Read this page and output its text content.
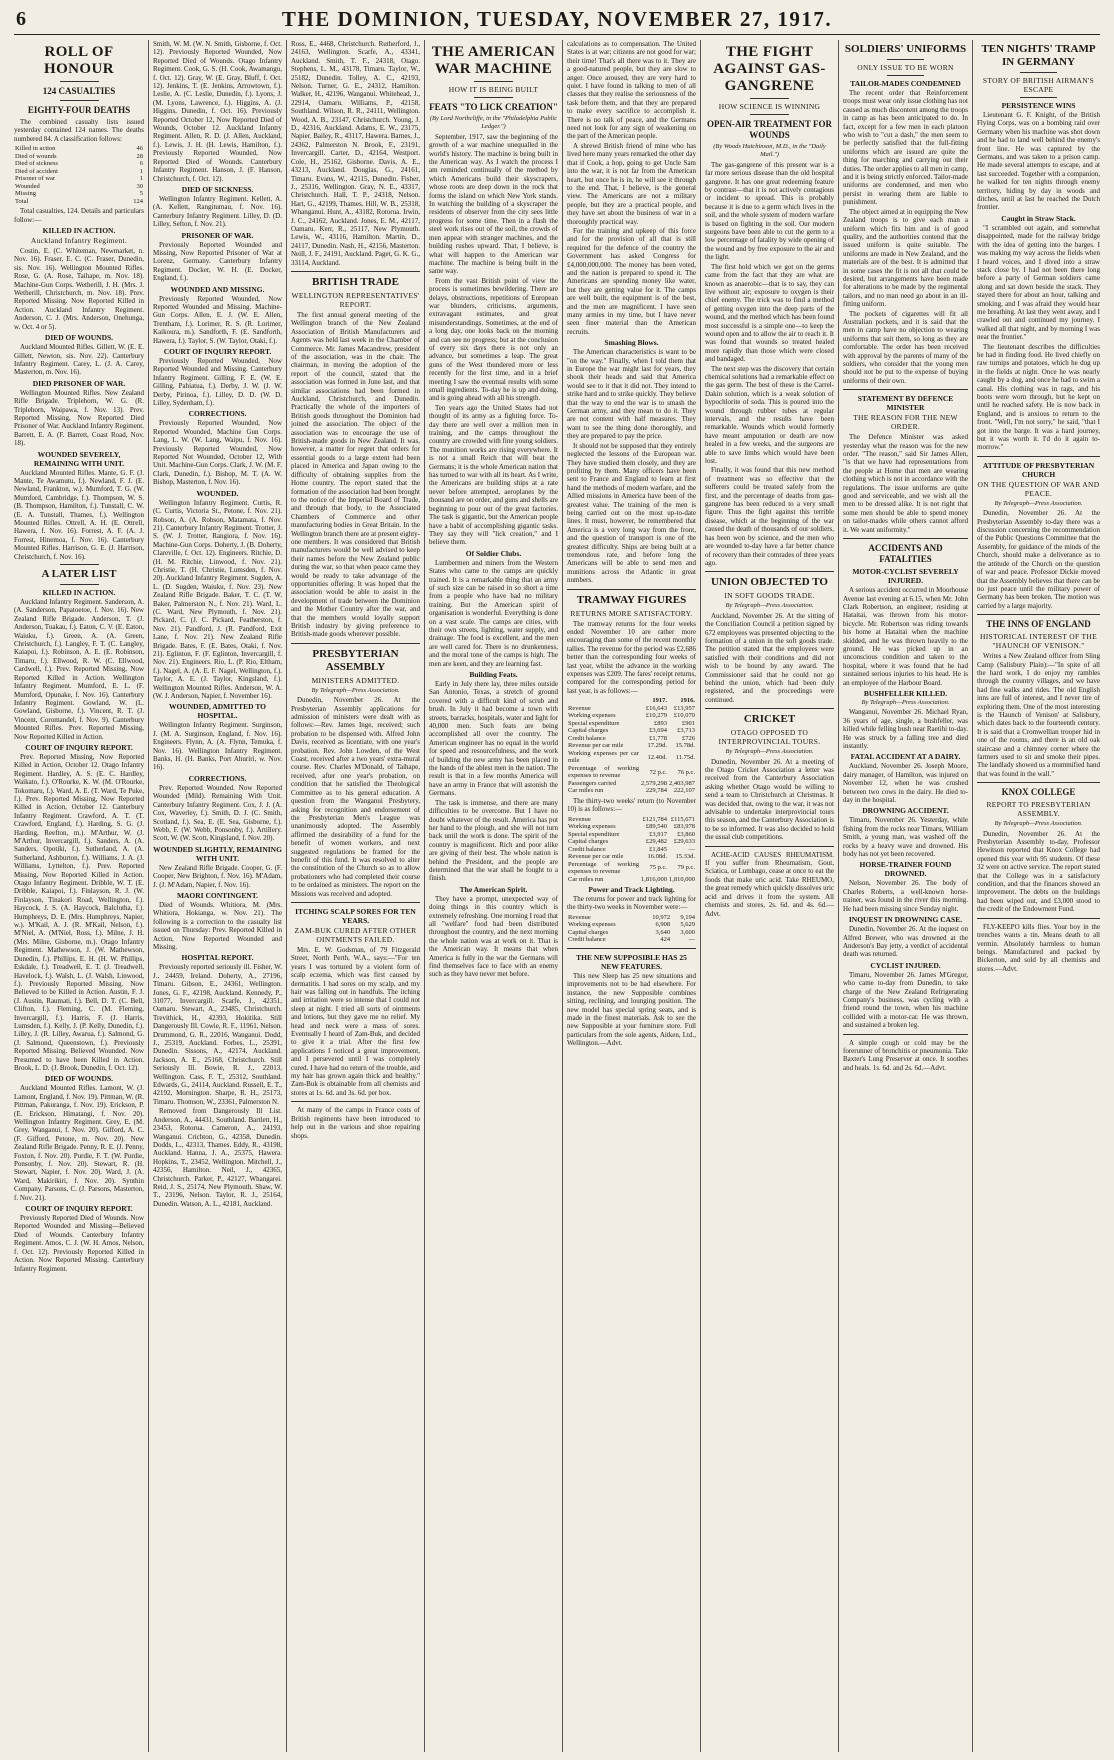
6	THE DOMINION, TUESDAY, NOVEMBER 27, 1917.
ROLL OF HONOUR
124 CASUALTIES
EIGHTY-FOUR DEATHS

The combined casualty lists issued yesterday contained 124 names. The deaths numbered 84. A classification follows:

Killed in action	46
Died of wounds	28
Died of sickness	6
Died of accident	1
Prisoner of war	1
Wounded	30
Missing	5
Total	124

Total casualties, 124. Details and particulars follow:—

KILLED IN ACTION.
Auckland Infantry Regiment.

Costin, E. (C. Whiteman, Newmarket, n. Nov. 16). Fraser, E. C. (C. Fraser, Dunedin, sis. Nov. 16). Wellington Mounted Rifles. Rose, G. (A. Rose, Taihape, m. Nov. 18). Machine-Gun Corps. Wetherill, J. H. (Mrs. J. Wetherill, Christchurch, m. Nov. 18). Prev. Reported Missing. Now Reported Killed in Action. Auckland Infantry Regiment. Anderson, C. J. (Mrs. Anderson, Onehunga, w. Oct. 4 or 5).

DIED OF WOUNDS.

Auckland Mounted Rifles. Gillett, W. (E. E. Gillett, Newton, sis. Nov. 22). Canterbury Infantry Regiment. Carey, L. (J. A. Carey, Masterton, m. Nov. 16).

DIED PRISONER OF WAR.

Wellington Mounted Rifles. New Zealand Rifle Brigade. Triplehorn, W. G. (R. Triplehorn, Waipawa, f. Nov. 13). Prev. Reported Missing, Now Reported Died Prisoner of War. Auckland Infantry Regiment. Barrett, E. A. (F. Barrett, Coast Road, Nov. 18).

WOUNDED SEVERELY, REMAINING WITH UNIT.

Auckland Mounted Rifles. Mante, G. F. (J. Mante, Te Awamutu, f.). Newland, F. J. (E. Newland, Frankton, w.). Mumford, T. G. (W. Mumford, Cambridge, f.). Thompson, W. S. (B. Thompson, Hamilton, f.). Tunstall, C. W. (E. A. Tunstall, Thames, f.). Wellington Mounted Rifles. Ottrell, A. H. (E. Ottrell, Hawera, f. Nov. 16). Forrest, A. F. (A. J. Forrest, Hinemoa, f. Nov. 16). Canterbury Mounted Rifles. Harrison, G. E. (J. Harrison, Christchurch, f. Nov. 16).

A LATER LIST
KILLED IN ACTION.

Auckland Infantry Regiment. Sanderson, A. (A. Sanderson, Papatoetoe, f. Nov. 16). New Zealand Rifle Brigade. Anderson, T. (J. Anderson, Tuakau, f.). Eaton, C. V. (E. Eaton, Waiuku, f.). Green, A. (A. Green, Christchurch, f.). Langley, F. T. (C. Langley, Kaiapoi, f.). Robinson, A. E. (E. Robinson, Timaru, f.). Ellwood, R. W. (C. Ellwood, Cardwell, f.). Prev. Reported Missing, Now Reported Killed in Action. Wellington Infantry Regiment. Mumford, E. L. (F. Mumford, Opunake, f. Nov. 16). Canterbury Infantry Regiment. Gowland, W. (L. Gowland, Gisborne, f.). Vincent, R. T. (J. Vincent, Coromandel, f. Nov. 9). Canterbury Mounted Rifles. Prev. Reported Missing, Now Reported Killed in Action.

COURT OF INQUIRY REPORT.

Prev. Reported Missing, Now Reported Killed in Action, October 12. Otago Infantry Regiment. Hardley, A. S. (E. C. Hardley, Waikato, f.). O'Rourke, K. W. (M. O'Rourke, Tokomaru, f.). Ward, A. E. (T. Ward, Te Puke, f.). Prev. Reported Missing, Now Reported Killed in Action, October 12. Canterbury Infantry Regiment. Crawford, A. T. (T. Crawford, England, f.). Harding, S. G. (J. Harding, Reefton, m.). M'Arthur, W. (J. M'Arthur, Invercargill, f.). Sanders, A. (A. Sanders, Opotiki, f.). Sutherland, A. (A. Sutherland, Ashburton, f.). Williams, J. A. (J. Williams, Lyttelton, f.). Prev. Reported Missing, Now Reported Killed in Action. Otago Infantry Regiment. Dribble, W. T. (E. Dribble, Kaiapoi, f.). Finlayson, R. J. (W. Finlayson, Tinakori Road, Wellington, f.). Haycock, J. S. (A. Haycock, Balclutha, f.). Humphreys, D. E. (Mrs. Humphreys, Napier, w.). M'Kail, A. J. (R. M'Kail, Nelson, f.). M'Niel, A. (M'Niel, Ross, f.). Milne, J. H. (Mrs. Milne, Gisborne, m.). Otago Infantry Regiment. Mathewson, J. (W. Mathewson, Dunedin, f.). Phillips, E. H. (H. W. Phillips, Eskdale, f.). Treadwell, E. T. (J. Treadwell, Havelock, f.). Walsh, L. (J. Walsh, Linwood, f.). Previously Reported Missing. Now Believed to be Killed in Action. Austin, F. J. (J. Austin, Raumati, f.). Bell, D. T. (C. Bell, Clifton, f.). Fleming, C. (M. Fleming, Invercargill, f.). Harris, F. (J. Harris, Lumsden, f.). Kelly, J. (P. Kelly, Dunedin, f.). Lilley, J. (R. Lilley, Awarua, f.). Salmond, G. (J. Salmond, Queenstown, f.). Previously Reported Missing. Believed Wounded. Now Presumed to have been Killed in Action. Brook, L. D. (J. Brook, Dunedin, f. Oct. 12).

DIED OF WOUNDS.

Auckland Mounted Rifles. Lamont, W. (J. Lamont, England, f. Nov. 19). Pittman, W. (R. Pittman, Pakuranga, f. Nov. 19). Erickson, P. (E. Erickson, Himatangi, f. Nov. 20). Wellington Infantry Regiment. Grey, E. (M. Grey, Wanganui, f. Nov. 20). Gifford, A. C. (F. Gifford, Petone, m. Nov. 20). New Zealand Rifle Brigade. Penny, R. E. (J. Penny, Foxton, f. Nov. 20). Purdie, F. T. (W. Purdie, Ponsonby, f. Nov. 20). Stewart, R. (H. Stewart, Napier, f. Nov. 20). Ward, J. (A. Ward, Makirikiri, f. Nov. 20). Synthin Company. Parsons, C. (J. Parsons, Masterton, f. Nov. 21).

COURT OF INQUIRY REPORT.

Previously Reported Died of Wounds. Now Reported Wounded and Missing—Believed Died of Wounds. Canterbury Infantry Regiment. Amos, C. J. (W. H. Amos, Nelson, f. Oct. 12). Previously Reported Killed in Action. Now Reported Missing. Canterbury Infantry Regiment.

Smith, W. M. (W. N. Smith, Gisborne, f. Oct. 12). Previously Reported Wounded, Now Reported Died of Wounds. Otago Infantry Regiment. Cook, G. S. (H. Cook, Awamangu, f. Oct. 12). Gray, W. (E. Gray, Bluff, f. Oct. 12). Jenkins, T. (E. Jenkins, Arrowtown, f.). Leslie, A. (C. Leslie, Dunedin, f.). Lyons, J. (M. Lyons, Lawrence, f.). Higgins, A. (J. Higgins, Dunedin, f. Oct. 16). Previously Reported October 12, Now Reported Died of Wounds, October 12. Auckland Infantry Regiment. Allen, R. D. (J. Allen, Auckland, f.). Lewis, J. H. (H. Lewis, Hamilton, f.). Previously Reported Wounded, Now Reported Died of Wounds. Canterbury Infantry Regiment. Hanson, J. (F. Hanson, Christchurch, f. Oct. 12).

DIED OF SICKNESS.

Wellington Infantry Regiment. Kellett, A. (A. Kellett, Rangitumau, f. Nov. 16). Canterbury Infantry Regiment. Lilley, D. (D. Lilley, Sefton, f. Nov. 21).

PRISONER OF WAR.

Previously Reported Wounded and Missing, Now Reported Prisoner of War at Lorenz, Germany. Canterbury Infantry Regiment. Docker, W. H. (E. Docker, England, f.).

WOUNDED AND MISSING.

Previously Reported Wounded, Now Reported Wounded and Missing. Machine-Gun Corps. Allen, E. J. (W. E. Allen, Trentham, f.). Lorimer, R. S. (R. Lorimer, Kaikoura, m.). Sandforth, F. (E. Sandforth, Hawera, f.). Taylor, S. (W. Taylor, Otaki, f.).

COURT OF INQUIRY REPORT.

Previously Reported Wounded, Now Reported Wounded and Missing. Canterbury Infantry Regiment. Gilling, F. E. (W. E. Gilling, Pahiatua, f.). Derby, J. W. (J. W. Derby, Pirinoa, f.). Lilley, D. D. (W. D. Lilley, Sydenham, f.).

CORRECTIONS.

Previously Reported Wounded, Now Reported Wounded, Machine Gun Corps. Lang, L. W. (W. Lang, Waipu, f. Nov. 16). Previously Reported Wounded, Now Reported Not Wounded, October 12, With Unit. Machine-Gun Corps. Clark, J. W. (M. F. Clark, Dunedin, f.). Bishop, M. T. (A. W. Bishop, Masterton, f. Nov. 16).

WOUNDED.

Wellington Infantry Regiment. Curtis, R. (C. Curtis, Victoria St., Petone, f. Nov. 21). Robson, A. (A. Robson, Matamata, f. Nov. 21). Canterbury Infantry Regiment. Trotter, J. S. (W. J. Trotter, Rangiora, f. Nov. 16). Machine-Gun Corps. Doherty, J. (B. Doherty, Clareville, f. Oct. 12). Engineers. Ritchie, D. (H. M. Ritchie, Linwood, f. Nov. 21). Christie, T. (H. Christie, Lumsden, f. Nov. 20). Auckland Infantry Regiment. Sugden, A. L. (D. Sugden, Waiuku, f. Nov. 23). New Zealand Rifle Brigade. Baker, T. C. (T. W. Baker, Palmerston N., f. Nov. 21). Ward, L. (C. Ward, New Plymouth, f. Nov. 21). Pickard, C. (J. C. Pickard, Featherston, f. Nov. 21). Pandford, J. (R. Pandford, Exit Lane, f. Nov. 21). New Zealand Rifle Brigade. Bates, F. (E. Bates, Otaki, f. Nov. 21). Eglinton, F. (F. Eglinton, Invercargill, f. Nov. 21). Engineers. Rio, L. (P. Rio, Eltham, f.). Nagel, A. (A. E. F. Nagel, Wellington, f.). Taylor, A. E. (J. Taylor, Kingsland, f.). Wellington Mounted Rifles. Anderson, W. A. (W. J. Anderson, Napier, f. November 16).

WOUNDED, ADMITTED TO HOSPITAL.

Wellington Infantry Regiment. Surginson, J. (M. A. Surginson, England, f. Nov. 16). Engineers. Flynn, A. (A. Flynn, Temuka, f. Nov. 16). Wellington Infantry Regiment. Banks, H. (H. Banks, Port Ahuriri, w. Nov. 16).

CORRECTIONS.

Prev. Reported Wounded. Now Reported Wounded (Mild). Remaining With Unit. Canterbury Infantry Regiment. Cox, J. J. (A. Cox, Waverley, f.). Smith, D. J. (C. Smith, Scotland, f.). Sea, E. (E. Sea, Gisborne, f.). Webb, F. (W. Webb, Ponsonby, f.). Artillery. Scott, W. (W. Scott, Kingsland, f. Nov. 20).

WOUNDED SLIGHTLY, REMAINING WITH UNIT.

New Zealand Rifle Brigade. Cooper, G. (F. Cooper, New Brighton, f. Nov. 16). M'Adam, J. (J. M'Adam, Napier, f. Nov. 16).

MAORI CONTINGENT.

Died of Wounds. Whitiora, M. (Mrs. Whitiora, Hokianga, w. Nov. 21). The following is a correction to the casualty list issued on Thursday: Prev. Reported Killed in Action, Now Reported Wounded and Missing.

HOSPITAL REPORT.

Previously reported seriously ill. Fisher, W. J., 24459, Ireland. Doherty, A., 27196, Timaru. Gibson, E., 24361, Wellington. Jones, G. F., 42198, Auckland. Kennedy, P., 31077, Invercargill. Scarfe, J., 42351, Oamaru. Stewart, A., 23485, Christchurch. Trevithick, H., 42393, Hokitika. Still Dangerously Ill. Cowie, R. F., 11961, Nelson. Drummond, G. R., 22016, Wanganui. Dodd, J., 25319, Auckland. Forbes, L., 25391, Dunedin. Sissons, A., 42174, Auckland. Jackson, A. E., 25168, Christchurch. Still Seriously Ill. Bowie, R. J., 22013, Wellington. Cass, F. T., 25312, Southland. Edwards, G., 24114, Auckland. Russell, E. T., 42192, Mornington. Sharpe, R. H., 25173, Timaru. Thomson, W., 23361, Palmerston N.

Removed from Dangerously Ill List. Anderson, A., 44431, Southland. Bartlett, H., 23453, Rotorua. Cameron, A., 24193, Wanganui. Crichton, G., 42358, Dunedin. Dodds, L., 42313, Thames. Eddy, R., 43198, Auckland. Hanna, J. A., 25375, Hawera. Hopkins, T., 23452, Wellington. Mitchell, J., 42356, Hamilton. Neil, J., 42365, Christchurch. Parker, P., 42127, Whangarei. Reid, J. S., 25174, New Plymouth. Shaw, W. T., 23196, Nelson. Taylor, R. J., 25164, Dunedin. Watson, A. L., 42181, Auckland.

Ross, E., 4468, Christchurch. Rutherford, J., 24163, Wellington. Scarfe, A., 43341, Auckland. Smith, T. F., 24318, Otago. Stephens, L. M., 43178, Timaru. Taylor, W., 25182, Dunedin. Tolley, A. C., 42193, Nelson. Turner, G. E., 24312, Hamilton. Walker, H., 42196, Wanganui. Whitehead, J., 22914, Oamaru. Williams, P., 42158, Southland. Wilson, R. R., 24111, Wellington. Wood, A. B., 23147, Christchurch. Young, J. D., 42316, Auckland. Adams, E. W., 23175, Napier. Bailey, R., 43117, Hawera. Barnes, J., 24362, Palmerston N. Brook, F., 23191, Invercargill. Carter, D., 42164, Westport. Cole, H., 25162, Gisborne. Davis, A. E., 43213, Auckland. Douglas, G., 24161, Timaru. Evans, W., 42115, Dunedin. Fisher, J., 25316, Wellington. Gray, N. E., 43317, Christchurch. Hall, T. P., 24318, Nelson. Hart, G., 42199, Thames. Hill, W. B., 25318, Whanganui. Hunt, A., 43182, Rotorua. Irwin, J. C., 24162, Auckland. Jones, E. M., 42117, Oamaru. Kerr, R., 25117, New Plymouth. Lewis, W., 43116, Hamilton. Martin, D., 24117, Dunedin. Nash, H., 42156, Masterton. Neill, J. F., 24191, Auckland. Paget, G. K. G., 33114, Auckland.

BRITISH TRADE
WELLINGTON REPRESENTATIVES' REPORT.

The first annual general meeting of the Wellington branch of the New Zealand Association of British Manufacturers and Agents was held last week in the Chamber of Commerce. Mr. James Macandrew, president of the association, was in the chair. The chairman, in moving the adoption of the report of the council, stated that the association was formed in June last, and that similar associations had been formed in Auckland, Christchurch, and Dunedin. Practically the whole of the importers of British goods throughout the Dominion had joined the association. The object of the association was to encourage the use of British-made goods in New Zealand. It was, however, a matter for regret that orders for essential goods to a large extent had been placed in America and Japan owing to the difficulty of obtaining supplies from the Home country. The report stated that the formation of the association had been brought to the notice of the Imperial Board of Trade, and through that body, to the Associated Chambers of Commerce and other manufacturing bodies in Great Britain. In the Wellington branch there are at present eighty-one members. It was considered that British manufacturers would be well advised to keep their names before the New Zealand public during the war, so that when peace came they would be ready to take advantage of the opportunities offering. It was hoped that the association would be able to assist in the development of trade between the Dominion and the Mother Country after the war, and that the members would loyally support British industry by giving preference to British-made goods wherever possible.

PRESBYTERIAN ASSEMBLY
MINISTERS ADMITTED.
By Telegraph—Press Association.

Dunedin, November 26. At the Presbyterian Assembly applications for admission of ministers were dealt with as follows:—Rev. James Inge, received; such probation to be dispensed with. Alfred John Davis, received as licentiate, with one year's probation. Rev. John Lowden, of the West Coast, received after a two years' extra-mural course. Rev. Charles M'Donald, of Taihape, received, after one year's probation, on condition that he satisfied the Theological Committee as to his general education. A question from the Wanganui Presbytery, asking for recognition and endorsement of the Presbyterian Men's League was unanimously adopted. The Assembly affirmed the desirability of a fund for the benefit of women workers, and next suggested regulations be framed for the benefit of this fund. It was resolved to alter the constitution of the Church so as to allow probationers who had completed their course to be ordained as ministers. The report on the Missions was received and adopted.

ITCHING SCALP SORES FOR TEN YEARS.
ZAM-BUK CURED AFTER OTHER OINTMENTS FAILED.

Mrs. E. W. Godsman, of 79 Fitzgerald Street, North Perth, W.A., says:—"For ten years I was tortured by a violent form of scalp eczema, which was first caused by dermatitis. I had sores on my scalp, and my hair was falling out in handfuls. The itching and irritation were so intense that I could not sleep at night. I tried all sorts of ointments and lotions, but they gave me no relief. My head and neck were a mass of sores. Eventually I heard of Zam-Buk, and decided to give it a trial. After the first few applications I noticed a great improvement, and I persevered until I was completely cured. I have had no return of the trouble, and my hair has grown again thick and healthy." Zam-Buk is obtainable from all chemists and stores at 1s. 6d. and 3s. 6d. per box.

At many of the camps in France costs of British regiments have been introduced to help out in the various and shoe repairing shops.

THE AMERICAN WAR MACHINE
HOW IT IS BEING BUILT
FEATS "TO LICK CREATION"
(By Lord Northcliffe, in the "Philadelphia Public Ledger.")

September, 1917, saw the beginning of the growth of a war machine unequalled in the world's history. The machine is being built in the American way. As I watch the process I am reminded continually of the method by which Americans build their skyscrapers, whose roots are deep down in the rock that forms the island on which New York stands. In watching the building of a skyscraper the residents of observer from the city sees little progress for some time. Then in a flash the steel work rises out of the soil, the crowds of men appear with stranger machines, and the building rushes upward. That, I believe, is what will happen to the American war machine. The machine is being built in the same way.

From the vast British point of view the process is sometimes bewildering. There are delays, obstructions, repetitions of European war blunders, criticisms, arguments, extravagant estimates, and great misunderstandings. Sometimes, at the end of a long day, one looks back on the morning and can see no progress; but at the conclusion of every six days there is not only an advance, but sometimes a leap. The great guns of the West thundered more or less recently for the first time, and in a brief meeting I saw the eventual results with some small ingredients. To-day he is up and doing, and is going ahead with all his strength.

Ten years ago the United States had not thought of its army as a fighting force. To-day there are well over a million men in training, and the camps throughout the country are crowded with fine young soldiers. The munition works are rising everywhere. It is not a small Reich that will beat the Germans; it is the whole American nation that has turned to war with all its heart. As I write, the Americans are building ships at a rate never before attempted, aeroplanes by the thousand are on order, and guns and shells are beginning to pour out of the great factories. The task is gigantic, but the American people have a habit of accomplishing gigantic tasks. They say they will "lick creation," and I believe them.

Of Soldier Clubs.

Lumbermen and miners from the Western States who came to the camps are quickly trained. It is a remarkable thing that an army of such size can be raised in so short a time from a people who have had no military training. But the American spirit of organisation is wonderful. Everything is done on a vast scale. The camps are cities, with their own streets, lighting, water supply, and drainage. The food is excellent, and the men are well cared for. There is no drunkenness, and the moral tone of the camps is high. The men are keen, and they are learning fast.

Building Feats.

Early in July there lay, three miles outside San Antonio, Texas, a stretch of ground covered with a difficult kind of scrub and brush. In July it had become a town with streets, barracks, hospitals, water and light for 40,000 men. Such feats are being accomplished all over the country. The American engineer has no equal in the world for speed and resourcefulness, and the work of building the new army has been placed in the hands of the ablest men in the nation. The result is that in a few months America will have an army in France that will astonish the Germans.

The task is immense, and there are many difficulties to be overcome. But I have no doubt whatever of the result. America has put her hand to the plough, and she will not turn back until the work is done. The spirit of the country is magnificent. Rich and poor alike are giving of their best. The whole nation is behind the President, and the people are determined that the war shall be fought to a finish.

The American Spirit.

They have a prompt, unexpected way of doing things in this country which is extremely refreshing. One morning I read that all "welfare" food had been distributed throughout the country, and the next morning the whole nation was at work on it. That is the American way. It means that when America is fully in the war the Germans will find themselves face to face with an enemy such as they have never met before.

calculations as to compensation. The United States is at war; citizens are not good for war; their time! That's all there was to it. They are a good-natured people, but they are slow to anger. Once aroused, they are very hard to quiet. I have found in talking to men of all classes that they realise the seriousness of the task before them, and that they are prepared to make every sacrifice to accomplish it. There is no talk of peace, and the Germans need not look for any sign of weakening on the part of the American people.

A shrewd British friend of mine who has lived here many years remarked the other day that if Cook, a hop, going to get Uncle Sam into the war, it is not far from the American heart, but once he is in, he will see it through to the end. That, I believe, is the general view. The Americans are not a military people, but they are a practical people, and they have set about the business of war in a thoroughly practical way.

For the training and upkeep of this force and for the provision of all that is still required for the defence of the country the Government has asked Congress for £4,000,000,000. The money has been voted, and the nation is prepared to spend it. The Americans are spending money like water, but they are getting value for it. The camps are well built, the equipment is of the best, and the men are magnificent. I have seen many armies in my time, but I have never seen finer material than the American recruits.

Smashing Blows.

The American characteristics is want to be "on the way." Finally, when I told them that in Europe the war might last for years, they shook their heads and said that America would see to it that it did not. They intend to strike hard and to strike quickly. They believe that the way to end the war is to smash the German army, and they mean to do it. They are not content with half measures. They want to see the thing done thoroughly, and they are prepared to pay the price.

It should not be supposed that they entirely neglected the lessons of the European war. They have studied them closely, and they are profiting by them. Many officers have been sent to France and England to learn at first hand the methods of modern warfare, and the Allied missions in America have been of the greatest value. The training of the men is being carried out on the most up-to-date lines. It must, however, be remembered that America is a very long way from the front, and the question of transport is one of the greatest difficulty. Ships are being built at a tremendous rate, and before long the Americans will be able to send men and munitions across the Atlantic in great numbers.

TRAMWAY FIGURES
RETURNS MORE SATISFACTORY.

The tramway returns for the four weeks ended November 10 are rather more encouraging than some of the recent monthly tallies. The revenue for the period was £2,686 better than the corresponding four weeks of last year, whilst the advance in the working expenses was £209. The fares' receipt returns, compared for the corresponding period for last year, is as follows:—

	1917.	1916.
Revenue	£16,643	£13,957
Working expenses	£10,279	£10,070
Special expenditure	£893	£901
Capital charges	£3,694	£3,713
Credit balance	£1,778	£726
Revenue per car mile	17.29d.	15.78d.
Working expenses per car mile	12.40d.	11.75d.
Percentage of working expenses to revenue	72 p.c.	76 p.c.
Passengers carried	2,579,298	2,403,987
Car miles run	229,784	222,107

The thirty-two weeks' return (to November 10) is as follows:—

Revenue	£121,784	£115,671
Working expenses	£89,540	£83,978
Special expenditure	£3,917	£3,860
Capital charges	£29,482	£29,633
Credit balance	£1,845	—
Revenue per car mile	16.08d.	15.33d.
Percentage of working expenses to revenue	75 p.c.	79 p.c.
Car miles run	1,816,000	1,810,000
Power and Track Lighting.

The returns for power and track lighting for the thirty-two weeks in November were:—

Revenue	10,972	9,194
Working expenses	6,908	5,629
Capital charges	3,640	3,600
Credit balance	424	—
THE NEW SUPPOSIBLE HAS 25 NEW FEATURES.

This new Sleep has 25 new situations and improvements not to be had elsewhere. For instance, the new Supposible combines sitting, reclining, and lounging position. The new model has special spring seats, and is made in the finest materials. Ask to see the new Supposible at your furniture store. Full particulars from the sole agents, Aitken, Ltd., Wellington.—Advt.

THE FIGHT AGAINST GAS-GANGRENE
HOW SCIENCE IS WINNING
OPEN-AIR TREATMENT FOR WOUNDS
(By Woods Hutchinson, M.D., in the "Daily Mail.")

The gas-gangrene of this present war is a far more serious disease than the old hospital gangrene. It has one great redeeming feature by contrast—that it is not actively contagious or incident to spread. This is probably because it is due to a germ which lives in the soil, and the whole system of modern warfare is based on fighting in the soil. Our modern surgeons have been able to cut the germ to a low percentage of fatality by wide opening of the wound and by free exposure to the air and the light.

The first hold which we got on the germs came from the fact that they are what are known as anaerobic—that is to say, they can live without air; exposure to oxygen is their chief enemy. The trick was to find a method of getting oxygen into the deep parts of the wound, and the method which has been found most successful is a simple one—to keep the wound open and to allow the air to reach it. It was found that wounds so treated healed more rapidly than those which were closed and bandaged.

The next step was the discovery that certain chemical solutions had a remarkable effect on the gas germ. The best of these is the Carrel-Dakin solution, which is a weak solution of hypochlorite of soda. This is poured into the wound through rubber tubes at regular intervals, and the results have been remarkable. Wounds which would formerly have meant amputation or death are now healed in a few weeks, and the surgeons are able to save limbs which would have been lost.

Finally, it was found that this new method of treatment was so effective that the sufferers could be treated safely from the first, and the percentage of deaths from gas-gangrene has been reduced to a very small figure. Thus the fight against this terrible disease, which at the beginning of the war caused the death of thousands of our soldiers, has been won by science, and the men who are wounded to-day have a far better chance of recovery than their comrades of three years ago.

UNION OBJECTED TO
IN SOFT GOODS TRADE.
By Telegraph—Press Association.

Auckland, November 26. At the sitting of the Conciliation Council a petition signed by 672 employees was presented objecting to the formation of a union in the soft goods trade. The petition stated that the employees were satisfied with their conditions and did not wish to be bound by any award. The Commissioner said that he could not go behind the union, which had been duly registered, and the proceedings were continued.

CRICKET
OTAGO OPPOSED TO INTERPROVINCIAL TOURS.
By Telegraph—Press Association.

Dunedin, November 26. At a meeting of the Otago Cricket Association a letter was received from the Canterbury Association asking whether Otago would be willing to send a team to Christchurch at Christmas. It was decided that, owing to the war, it was not advisable to undertake interprovincial tours this season, and the Canterbury Association is to be so informed. It was also decided to hold the usual club competitions.

ACHE-ACID CAUSES RHEUMATISM. If you suffer from Rheumatism, Gout, Sciatica, or Lumbago, cease at once to eat the foods that make uric acid. Take RHEUMO, the great remedy which quickly dissolves uric acid and drives it from the system. All chemists and stores, 2s. 6d. and 4s. 6d.—Advt.

SOLDIERS' UNIFORMS
ONLY ISSUE TO BE WORN
TAILOR-MADES CONDEMNED

The recent order that Reinforcement troops must wear only issue clothing has not caused as much discontent among the troops in camp as has been anticipated to do. In fact, except for a few men in each platoon who wish to "cut a dash," the men seem to be perfectly satisfied that the full-fitting uniforms which are issued are quite the thing for marching and carrying out their duties. The order applies to all men in camp, and it is being strictly enforced. Tailor-made uniforms are condemned, and men who persist in wearing them are liable to punishment.

The object aimed at in equipping the New Zealand troops is to give each man a uniform which fits him and is of good quality, and the authorities contend that the issued uniform is quite suitable. The uniforms are made in New Zealand, and the materials are of the best. It is admitted that in some cases the fit is not all that could be desired, but arrangements have been made for alterations to be made by the regimental tailors, and no man need go about in an ill-fitting uniform.

The pockets of cigarettes will fit all Australian pockets, and it is said that the men in camp have no objection to wearing uniforms that suit them, so long as they are comfortable. The order has been received with approval by the parents of many of the soldiers, who consider that the young men should not be put to the expense of buying uniforms of their own.

STATEMENT BY DEFENCE MINISTER
THE REASON FOR THE NEW ORDER.

The Defence Minister was asked yesterday what the reason was for the new order. "The reason," said Sir James Allen, "is that we have had representations from the people at Home that men are wearing clothing which is not in accordance with the regulations. The issue uniforms are quite good and serviceable, and we wish all the men to be dressed alike. It is not right that some men should be able to spend money on tailor-mades while others cannot afford it. We want uniformity."

ACCIDENTS AND FATALITIES
MOTOR-CYCLIST SEVERELY INJURED.

A serious accident occurred in Moorhouse Avenue last evening at 6.15, when Mr. John Clark Robertson, an engineer, residing at Hataitai, was thrown from his motor-bicycle. Mr. Robertson was riding towards his home at Hataitai when the machine skidded, and he was thrown heavily to the ground. He was picked up in an unconscious condition and taken to the hospital, where it was found that he had sustained serious injuries to his head. He is an employee of the Harbour Board.

BUSHFELLER KILLED.
By Telegraph—Press Association.

Wanganui, November 26. Michael Ryan, 36 years of age, single, a bushfeller, was killed while felling bush near Raetihi to-day. He was struck by a falling tree and died instantly.

FATAL ACCIDENT AT A DAIRY.

Auckland, November 26. Joseph Moore, dairy manager, of Hamilton, was injured on November 12, when he was crushed between two cows in the dairy. He died to-day in the hospital.

DROWNING ACCIDENT.

Timaru, November 26. Yesterday, while fishing from the rocks near Timaru, William Smith, a young man, was washed off the rocks by a heavy wave and drowned. His body has not yet been recovered.

HORSE-TRAINER FOUND DROWNED.

Nelson, November 26. The body of Charles Roberts, a well-known horse-trainer, was found in the river this morning. He had been missing since Sunday night.

INQUEST IN DROWNING CASE.

Dunedin, November 26. At the inquest on Alfred Brewer, who was drowned at the Anderson's Bay jetty, a verdict of accidental death was returned.

CYCLIST INJURED.

Timaru, November 26. James M'Gregor, who came to-day from Dunedin, to take charge of the New Zealand Refrigerating Company's business, was cycling with a friend round the town, when his machine collided with a motor-car. He was thrown, and sustained a broken leg.

A simple cough or cold may be the forerunner of bronchitis or pneumonia. Take Baxter's Lung Preserver at once. It soothes and heals. 1s. 6d. and 2s. 6d.—Advt.

TEN NIGHTS' TRAMP IN GERMANY
STORY OF BRITISH AIRMAN'S ESCAPE
PERSISTENCE WINS

Lieutenant G. F. Knight, of the British Flying Corps, was on a bombing raid over Germany when his machine was shot down and he had to land well behind the enemy's front line. He was captured by the Germans, and was taken to a prison camp. He made several attempts to escape, and at last succeeded. Together with a companion, he walked for ten nights through enemy territory, hiding by day in woods and ditches, until at last he reached the Dutch frontier.

Caught in Straw Stack.

"I scrambled out again, and somewhat disappointed, made for the railway bridge with the idea of getting into the barges. I was making my way across the fields when I heard voices, and I dived into a straw stack close by. I had not been there long before a party of German soldiers came along and sat down beside the stack. They stayed there for about an hour, talking and smoking, and I was afraid they would hear me breathing. At last they went away, and I crawled out and continued my journey. I walked all that night, and by morning I was near the frontier."

The lieutenant describes the difficulties he had in finding food. He lived chiefly on raw turnips and potatoes, which he dug up in the fields at night. Once he was nearly caught by a dog, and once he had to swim a canal. His clothing was in rags, and his boots were worn through, but he kept on until he reached safety. He is now back in England, and is anxious to return to the front. "Well, I'm not sorry," he said, "that I got into the barge. It was a hard journey, but it was worth it. I'd do it again to-morrow."

ATTITUDE OF PRESBYTERIAN CHURCH
ON THE QUESTION OF WAR AND PEACE.
By Telegraph—Press Association.

Dunedin, November 26. At the Presbyterian Assembly to-day there was a discussion concerning the recommendation of the Public Questions Committee that the Assembly, for guidance of the minds of the Church, should make a deliverance as to the attitude of the Church on the question of war and peace. Professor Dickie moved that the Assembly believes that there can be no just peace until the military power of Germany has been broken. The motion was carried by a large majority.

THE INNS OF ENGLAND
HISTORICAL INTEREST OF THE "HAUNCH OF VENISON."

Writes a New Zealand officer from Sling Camp (Salisbury Plain):—"In spite of all the hard work, I do enjoy my rambles through the country villages, and we have had fine walks and rides. The old English inns are full of interest, and I never tire of exploring them. One of the most interesting is the 'Haunch of Venison' at Salisbury, which dates back to the fourteenth century. It is said that a Cromwellian trooper hid in one of the rooms, and there is an old oak staircase and a chimney corner where the farmers used to sit and smoke their pipes. The landlady showed us a mummified hand that was found in the wall."

KNOX COLLEGE
REPORT TO PRESBYTERIAN ASSEMBLY.
By Telegraph—Press Association.

Dunedin, November 26. At the Presbyterian Assembly to-day, Professor Hewitson reported that Knox College had opened this year with 95 students. Of these 32 were on active service. The report stated that the College was in a satisfactory condition, and that the finances showed an improvement. The debts on the buildings had been wiped out, and £3,000 stood to the credit of the Endowment Fund.

FLY-KEEPO kills flies. Your boy in the trenches wants a tin. Means death to all vermin. Absolutely harmless to human beings. Manufactured and packed by Bickerton, and sold by all chemists and stores.—Advt.
